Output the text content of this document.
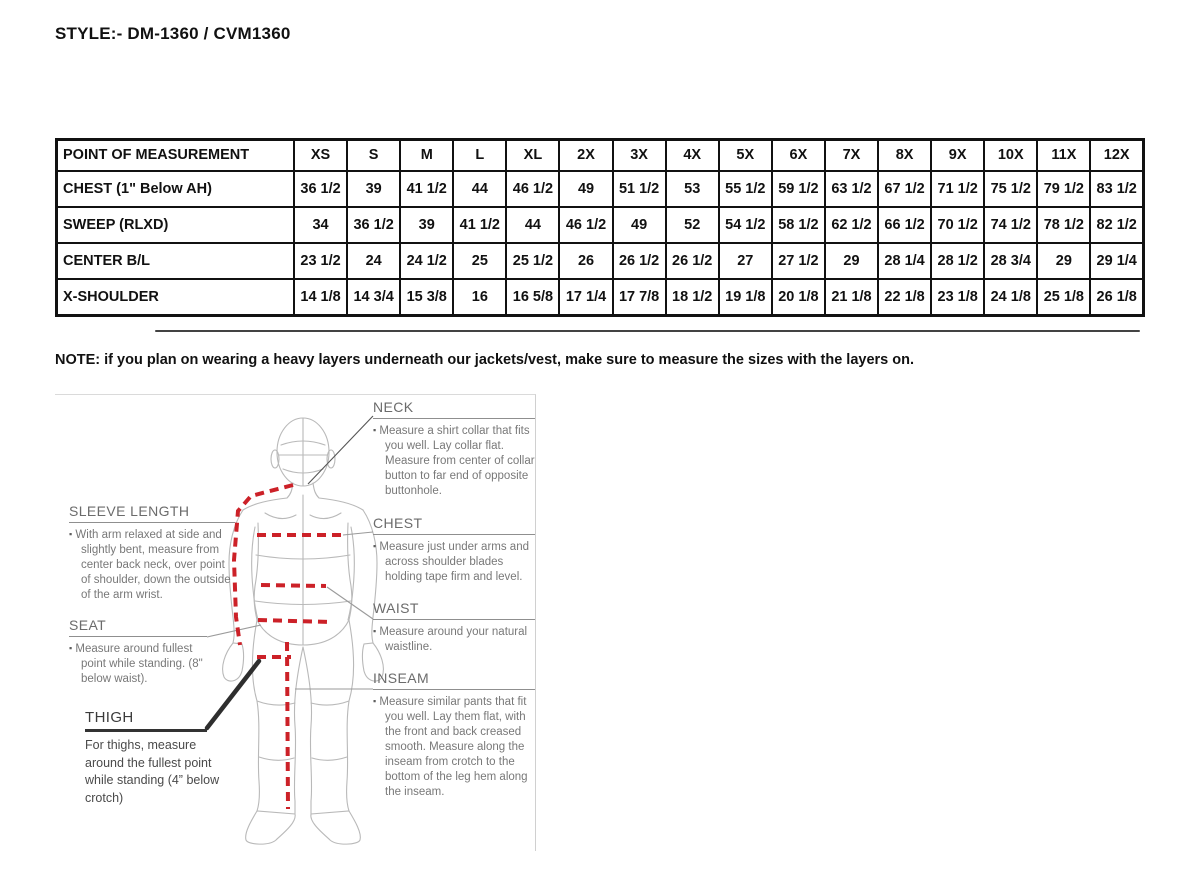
STYLE:- DM-1360 / CVM1360
POINT OF MEASUREMENT	XS	S	M	L	XL	2X	3X	4X	5X	6X	7X	8X	9X	10X	11X	12X
CHEST (1" Below AH)	36 1/2	39	41 1/2	44	46 1/2	49	51 1/2	53	55 1/2	59 1/2	63 1/2	67 1/2	71 1/2	75 1/2	79 1/2	83 1/2
SWEEP (RLXD)	34	36 1/2	39	41 1/2	44	46 1/2	49	52	54 1/2	58 1/2	62 1/2	66 1/2	70 1/2	74 1/2	78 1/2	82 1/2
CENTER B/L	23 1/2	24	24 1/2	25	25 1/2	26	26 1/2	26 1/2	27	27 1/2	29	28 1/4	28 1/2	28 3/4	29	29 1/4
X-SHOULDER	14 1/8	14 3/4	15 3/8	16	16 5/8	17 1/4	17 7/8	18 1/2	19 1/8	20 1/8	21 1/8	22 1/8	23 1/8	24 1/8	25 1/8	26 1/8
NOTE: if you plan on wearing a heavy layers underneath our jackets/vest, make sure to measure the sizes with the layers on.
NECK
▪ Measure a shirt collar that fits you well. Lay collar flat. Measure from center of collar button to far end of opposite buttonhole.
CHEST
▪ Measure just under arms and across shoulder blades holding tape firm and level.
WAIST
▪ Measure around your natural waistline.
INSEAM
▪ Measure similar pants that fit you well. Lay them flat, with the front and back creased smooth. Measure along the inseam from crotch to the bottom of the leg hem along the inseam.
SLEEVE LENGTH
▪ With arm relaxed at side and slightly bent, measure from center back neck, over point of shoulder, down the outside of the arm wrist.
SEAT
▪ Measure around fullest point while standing. (8" below waist).
THIGH
For thighs, measure around the fullest point while standing (4” below crotch)
